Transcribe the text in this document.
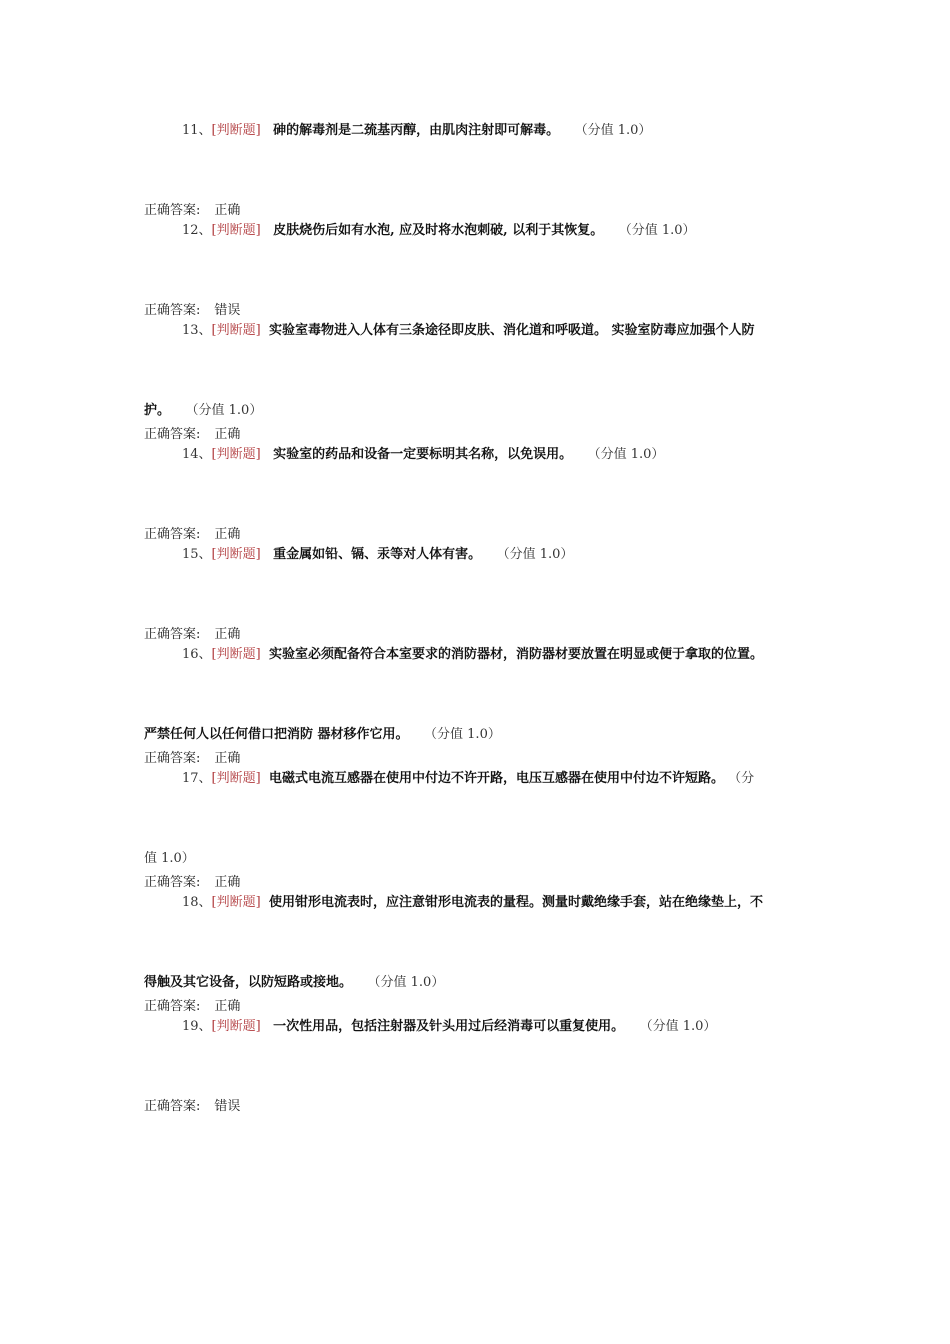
11、[判断题] 砷的解毒剂是二巯基丙醇，由肌肉注射即可解毒。 （分值 1.0）
正确答案: 正确
12、[判断题] 皮肤烧伤后如有水泡, 应及时将水泡刺破, 以利于其恢复。 （分值 1.0）
正确答案: 错误
13、[判断题] 实验室毒物进入人体有三条途径即皮肤、消化道和呼吸道。 实验室防毒应加强个人防
护。 （分值 1.0）
正确答案: 正确
14、[判断题] 实验室的药品和设备一定要标明其名称，以免误用。 （分值 1.0）
正确答案: 正确
15、[判断题] 重金属如铅、镉、汞等对人体有害。 （分值 1.0）
正确答案: 正确
16、[判断题] 实验室必须配备符合本室要求的消防器材，消防器材要放置在明显或便于拿取的位置。
严禁任何人以任何借口把消防 器材移作它用。 （分值 1.0）
正确答案: 正确
17、[判断题] 电磁式电流互感器在使用中付边不许开路，电压互感器在使用中付边不许短路。 （分
值 1.0）
正确答案: 正确
18、[判断题] 使用钳形电流表时，应注意钳形电流表的量程。测量时戴绝缘手套，站在绝缘垫上，不
得触及其它设备，以防短路或接地。 （分值 1.0）
正确答案: 正确
19、[判断题] 一次性用品，包括注射器及针头用过后经消毒可以重复使用。 （分值 1.0）
正确答案: 错误
